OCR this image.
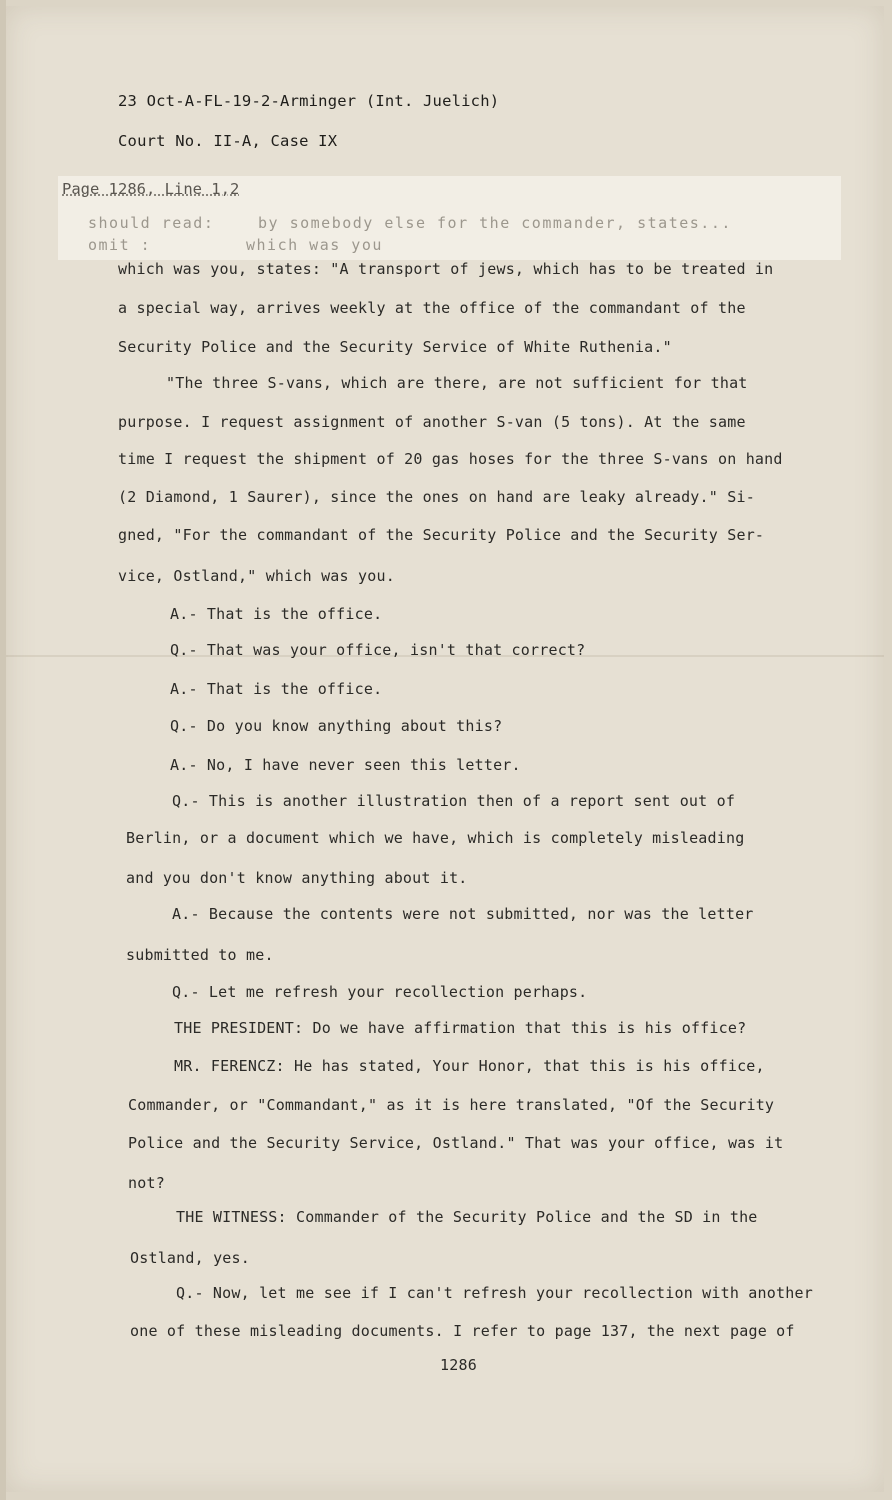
23 Oct-A-FL-19-2-Arminger (Int. Juelich)
Court No. II-A, Case IX
Page 1286, Line 1,2
should read:	by somebody else for the commander, states...
omit :	which was you
which was you, states: "A transport of jews, which has to be treated in
a special way, arrives weekly at the office of the commandant of the
Security Police and the Security Service of White Ruthenia."
"The three S-vans, which are there, are not sufficient for that
purpose. I request assignment of another S-van (5 tons). At the same
time I request the shipment of 20 gas hoses for the three S-vans on hand
(2 Diamond, 1 Saurer), since the ones on hand are leaky already." Si-
gned, "For the commandant of the Security Police and the Security Ser-
vice, Ostland," which was you.
A.- That is the office.
Q.- That was your office, isn't that correct?
A.- That is the office.
Q.- Do you know anything about this?
A.- No, I have never seen this letter.
Q.- This is another illustration then of a report sent out of
Berlin, or a document which we have, which is completely misleading
and you don't know anything about it.
A.- Because the contents were not submitted, nor was the letter
submitted to me.
Q.- Let me refresh your recollection perhaps.
THE PRESIDENT: Do we have affirmation that this is his office?
MR. FERENCZ: He has stated, Your Honor, that this is his office,
Commander, or "Commandant," as it is here translated, "Of the Security
Police and the Security Service, Ostland." That was your office, was it
not?
THE WITNESS: Commander of the Security Police and the SD in the
Ostland, yes.
Q.- Now, let me see if I can't refresh your recollection with another
one of these misleading documents. I refer to page 137, the next page of
1286
